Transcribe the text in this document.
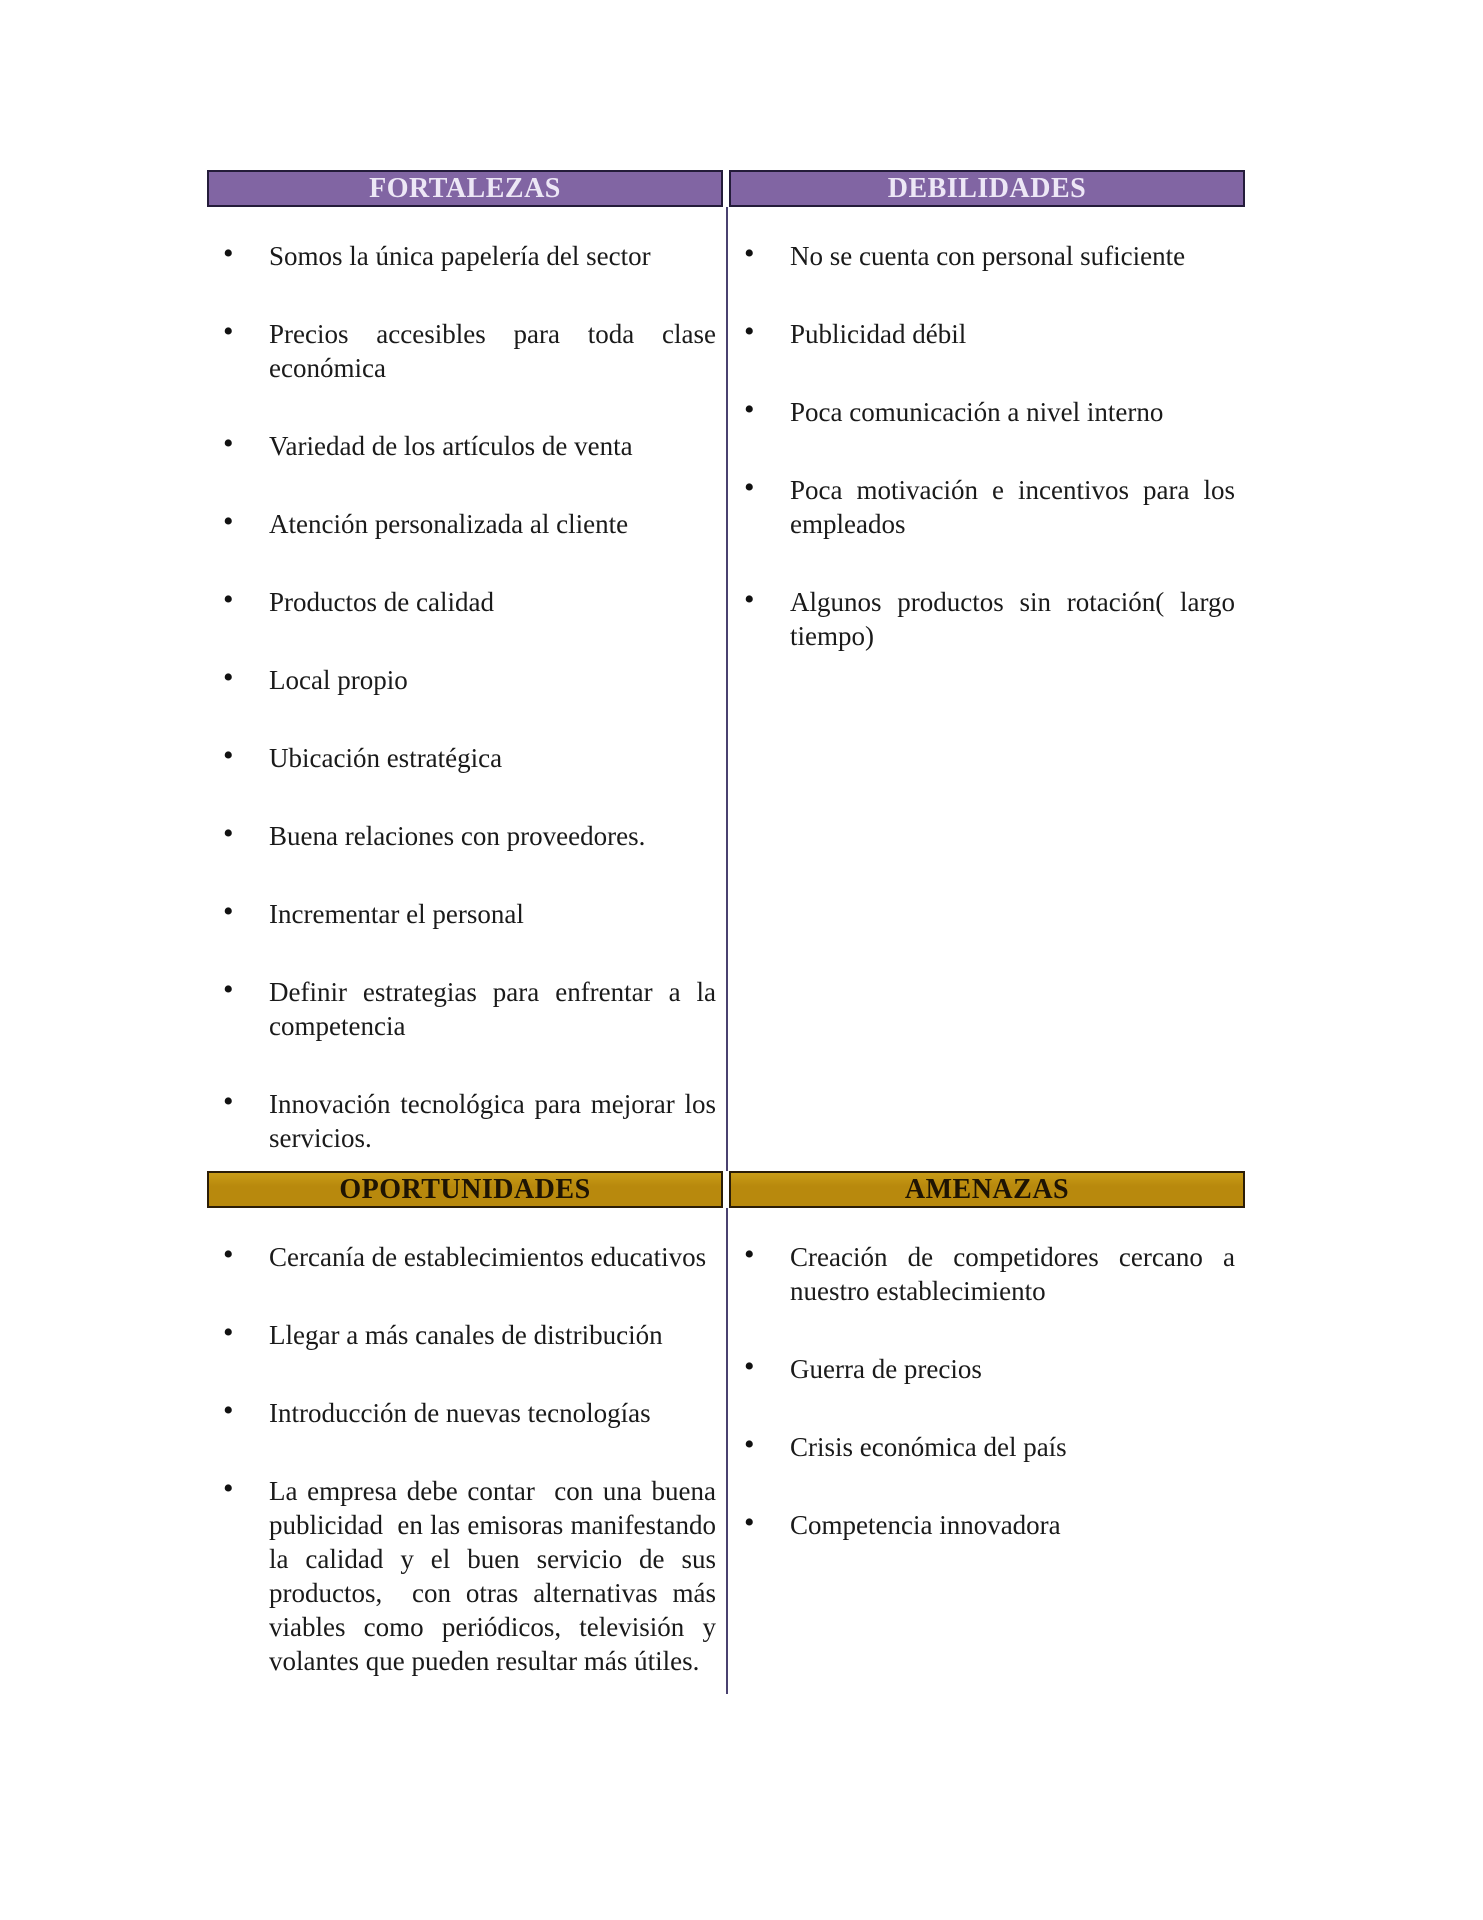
FORTALEZAS	DEBILIDADES
•
Somos la única papelería del sector
•
Precios accesibles para toda clase económica
•
Variedad de los artículos de venta
•
Atención personalizada al cliente
•
Productos de calidad
•
Local propio
•
Ubicación estratégica
•
Buena relaciones con proveedores.
•
Incrementar el personal
•
Definir estrategias para enfrentar a la competencia
•
Innovación tecnológica para mejorar los servicios.
•
No se cuenta con personal suficiente
•
Publicidad débil
•
Poca comunicación a nivel interno
•
Poca motivación e incentivos para los empleados
•
Algunos productos sin rotación( largo tiempo)
OPORTUNIDADES	AMENAZAS
•
Cercanía de establecimientos educativos
•
Llegar a más canales de distribución
•
Introducción de nuevas tecnologías
•
La empresa debe contar  con una buena publicidad  en las emisoras manifestando la calidad y el buen servicio de sus productos,  con otras alternativas más viables como periódicos, televisión y volantes que pueden resultar más útiles.
•
Creación de competidores cercano a nuestro establecimiento
•
Guerra de precios
•
Crisis económica del país
•
Competencia innovadora
